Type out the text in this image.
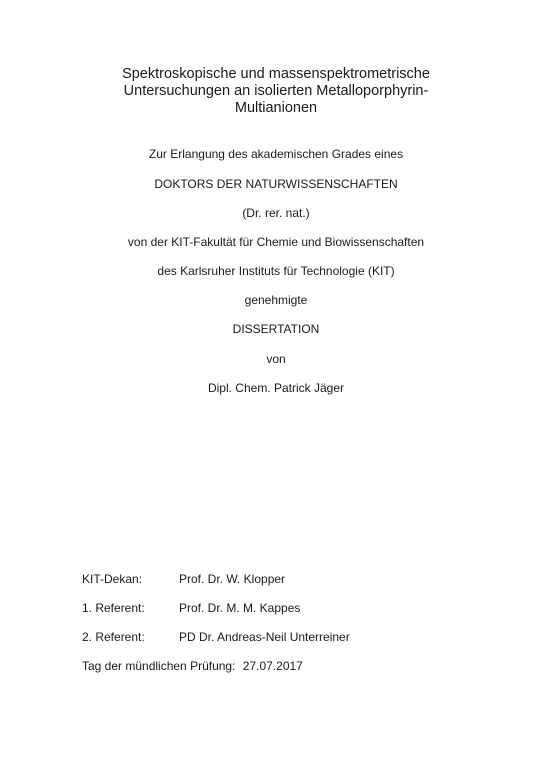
Spektroskopische und massenspektrometrische
Untersuchungen an isolierten Metalloporphyrin-
Multianionen
Zur Erlangung des akademischen Grades eines
DOKTORS DER NATURWISSENSCHAFTEN
(Dr. rer. nat.)
von der KIT-Fakultät für Chemie und Biowissenschaften
des Karlsruher Instituts für Technologie (KIT)
genehmigte
DISSERTATION
von
Dipl. Chem. Patrick Jäger
KIT-Dekan:	Prof. Dr. W. Klopper
1. Referent:	Prof. Dr. M. M. Kappes
2. Referent:	PD Dr. Andreas-Neil Unterreiner
Tag der mündlichen Prüfung: 27.07.2017
